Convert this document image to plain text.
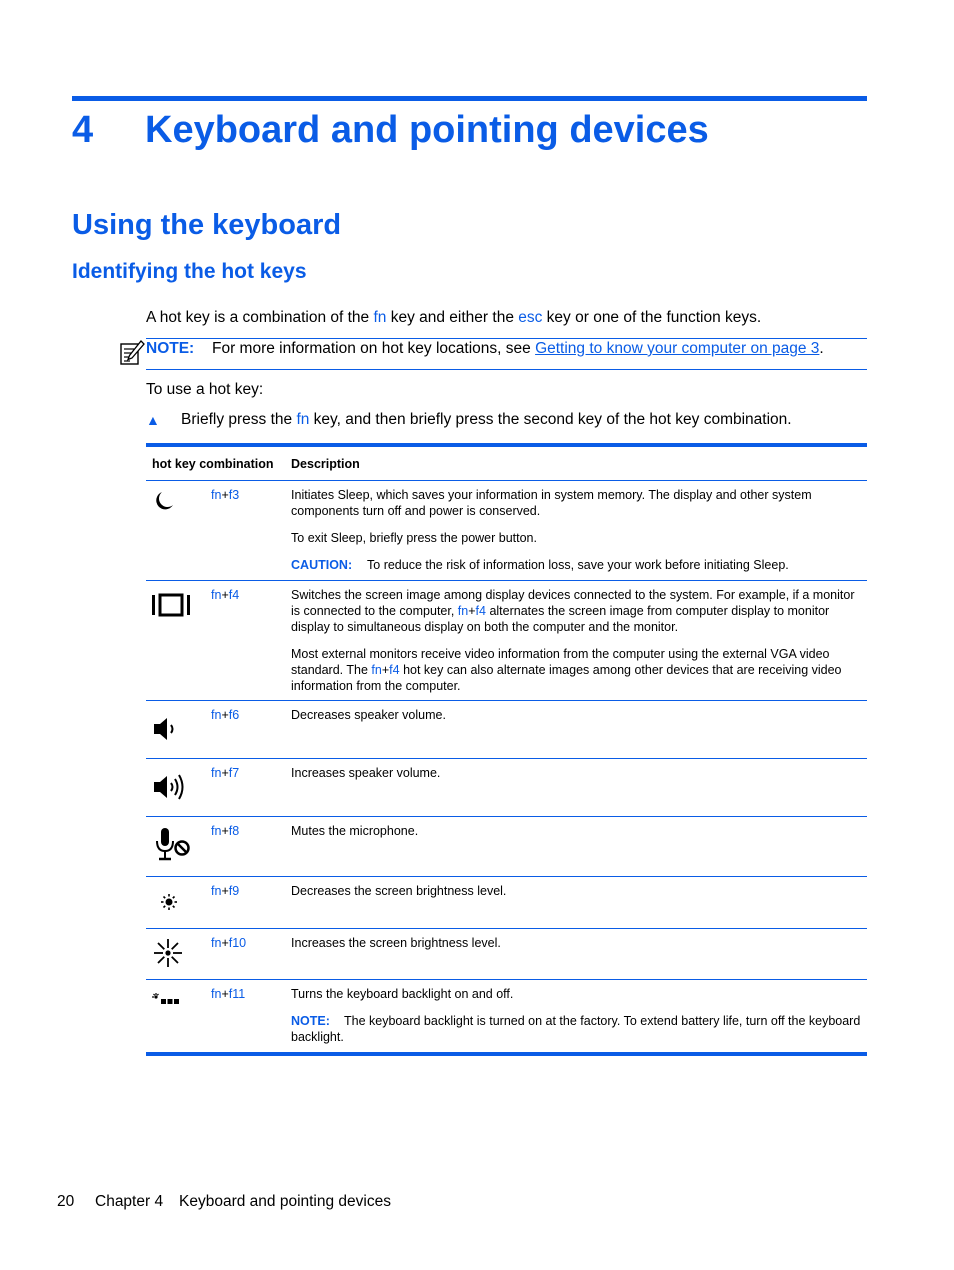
4 Keyboard and pointing devices
Using the keyboard
Identifying the hot keys
A hot key is a combination of the fn key and either the esc key or one of the function keys.
NOTE: For more information on hot key locations, see Getting to know your computer on page 3.
To use a hot key:
▲ Briefly press the fn key, and then briefly press the second key of the hot key combination.
hot key combination		Description

	fn+f3	Initiates Sleep, which saves your information in system memory. The display and other system components turn off and power is conserved.

To exit Sleep, briefly press the power button.

CAUTION: To reduce the risk of information loss, save your work before initiating Sleep.

	fn+f4	Switches the screen image among display devices connected to the system. For example, if a monitor is connected to the computer, fn+f4 alternates the screen image from computer display to monitor display to simultaneous display on both the computer and the monitor.

Most external monitors receive video information from the computer using the external VGA video standard. The fn+f4 hot key can also alternate images among other devices that are receiving video information from the computer.

	fn+f6	Decreases speaker volume.

	fn+f7	Increases speaker volume.

	fn+f8	Mutes the microphone.

	fn+f9	Decreases the screen brightness level.

	fn+f10	Increases the screen brightness level.

	fn+f11	Turns the keyboard backlight on and off.

NOTE: The keyboard backlight is turned on at the factory. To extend battery life, turn off the keyboard backlight.

20 Chapter 4 Keyboard and pointing devices
